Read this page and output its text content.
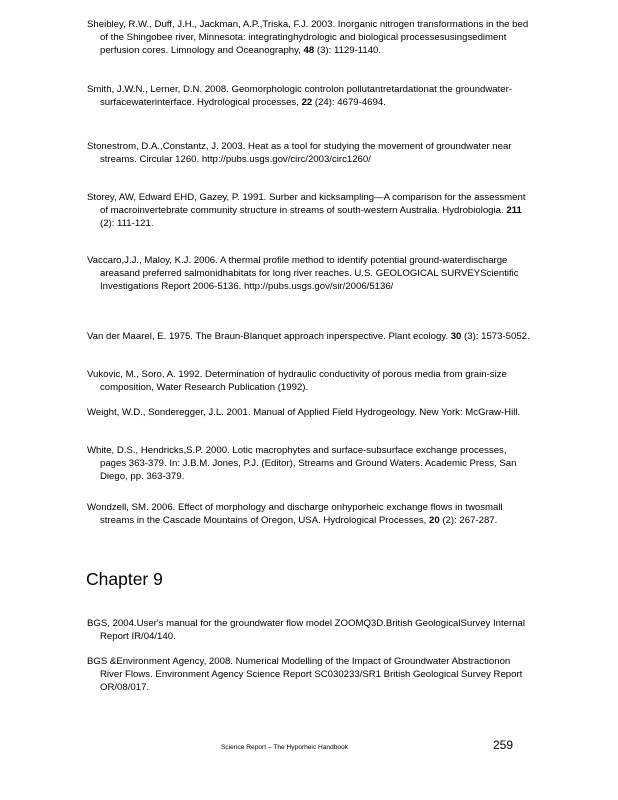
Sheibley, R.W., Duff, J.H., Jackman, A.P.,Triska, F.J. 2003. Inorganic nitrogen transformations in the bed of the Shingobee river, Minnesota: integratinghydrologic and biological processesusingsediment perfusion cores. Limnology and Oceanography, 48 (3): 1129-1140.

Smith, J.W.N., Lerner, D.N. 2008. Geomorphologic controlon pollutantretardationat the groundwater-surfacewaterinterface. Hydrological processes, 22 (24): 4679-4694.

Stonestrom, D.A.,Constantz, J. 2003. Heat as a tool for studying the movement of groundwater near streams. Circular 1260. http://pubs.usgs.gov/circ/2003/circ1260/

Storey, AW, Edward EHD, Gazey, P. 1991. Surber and kicksampling—A comparison for the assessment of macroinvertebrate community structure in streams of south-western Australia. Hydrobiologia. 211 (2): 111-121.

Vaccaro,J.J., Maloy, K.J. 2006. A thermal profile method to identify potential ground-waterdischarge areasand preferred salmonidhabitats for long river reaches. U.S. GEOLOGICAL SURVEYScientific Investigations Report 2006-5136. http://pubs.usgs.gov/sir/2006/5136/

Van der Maarel, E. 1975. The Braun-Blanquet approach inperspective. Plant ecology. 30 (3): 1573-5052.

Vukovic, M., Soro, A. 1992. Determination of hydraulic conductivity of porous media from grain-size composition, Water Research Publication (1992).

Weight, W.D., Sonderegger, J.L. 2001. Manual of Applied Field Hydrogeology. New York: McGraw-Hill.

White, D.S., Hendricks,S.P. 2000. Lotic macrophytes and surface-subsurface exchange processes, pages 363-379. In: J.B.M. Jones, P.J. (Editor), Streams and Ground Waters. Academic Press, San Diego, pp. 363-379.

Wondzell, SM. 2006. Effect of morphology and discharge onhyporheic exchange flows in twosmall streams in the Cascade Mountains of Oregon, USA. Hydrological Processes, 20 (2): 267-287.

Chapter 9

BGS, 2004.User's manual for the groundwater flow model ZOOMQ3D.British GeologicalSurvey Internal Report IR/04/140.

BGS &Environment Agency, 2008. Numerical Modelling of the Impact of Groundwater Abstractionon River Flows. Environment Agency Science Report SC030233/SR1 British Geological Survey Report OR/08/017.

Science Report – The Hyporheic Handbook	259
